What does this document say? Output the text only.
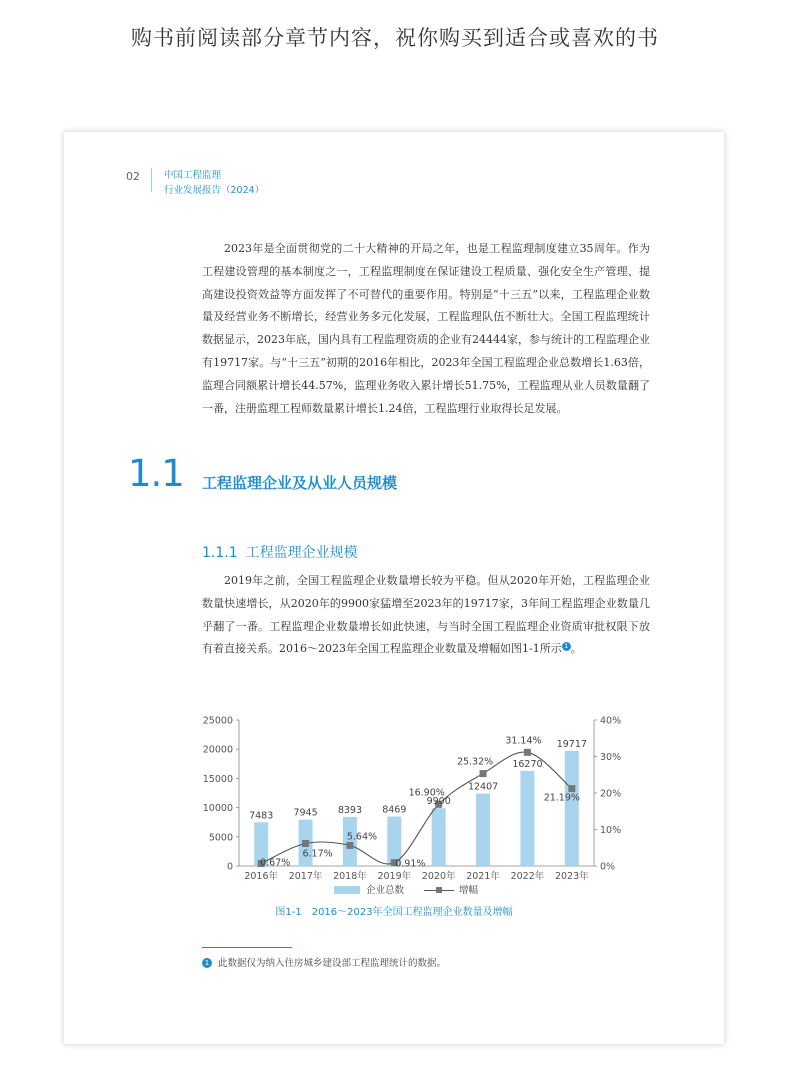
购书前阅读部分章节内容，祝你购买到适合或喜欢的书
02	中国工程监理
行业发展报告（2024）

2023年是全面贯彻党的二十大精神的开局之年，也是工程监理制度建立35周年。作为工程建设管理的基本制度之一，工程监理制度在保证建设工程质量、强化安全生产管理、提高建设投资效益等方面发挥了不可替代的重要作用。特别是“十三五”以来，工程监理企业数量及经营业务不断增长，经营业务多元化发展，工程监理队伍不断壮大。全国工程监理统计数据显示，2023年底，国内具有工程监理资质的企业有24444家，参与统计的工程监理企业有19717家。与“十三五”初期的2016年相比，2023年全国工程监理企业总数增长1.63倍，监理合同额累计增长44.57%，监理业务收入累计增长51.75%，工程监理从业人员数量翻了一番，注册监理工程师数量累计增长1.24倍，工程监理行业取得长足发展。

1.1 工程监理企业及从业人员规模
1.1.1 工程监理企业规模

2019年之前，全国工程监理企业数量增长较为平稳。但从2020年开始，工程监理企业数量快速增长，从2020年的9900家猛增至2023年的19717家，3年间工程监理企业数量几乎翻了一番。工程监理企业数量增长如此快速，与当时全国工程监理企业资质审批权限下放有着直接关系。2016～2023年全国工程监理企业数量及增幅如图1-1所示 1 。

0
5000
10000
15000
20000
25000
0%
10%
20%
30%
40%
2016年 2017年 2018年 2019年 2020年 2021年 2022年 2023年
7483 7945 8393 8469
9900
12407
16270
19717
0.67%
6.17%
5.64%
0.91%
16.90%
25.32%
31.14%
21.19%
企业总数	增幅
图1-1　2016～2023年全国工程监理企业数量及增幅
1 此数据仅为纳入住房城乡建设部工程监理统计的数据。
